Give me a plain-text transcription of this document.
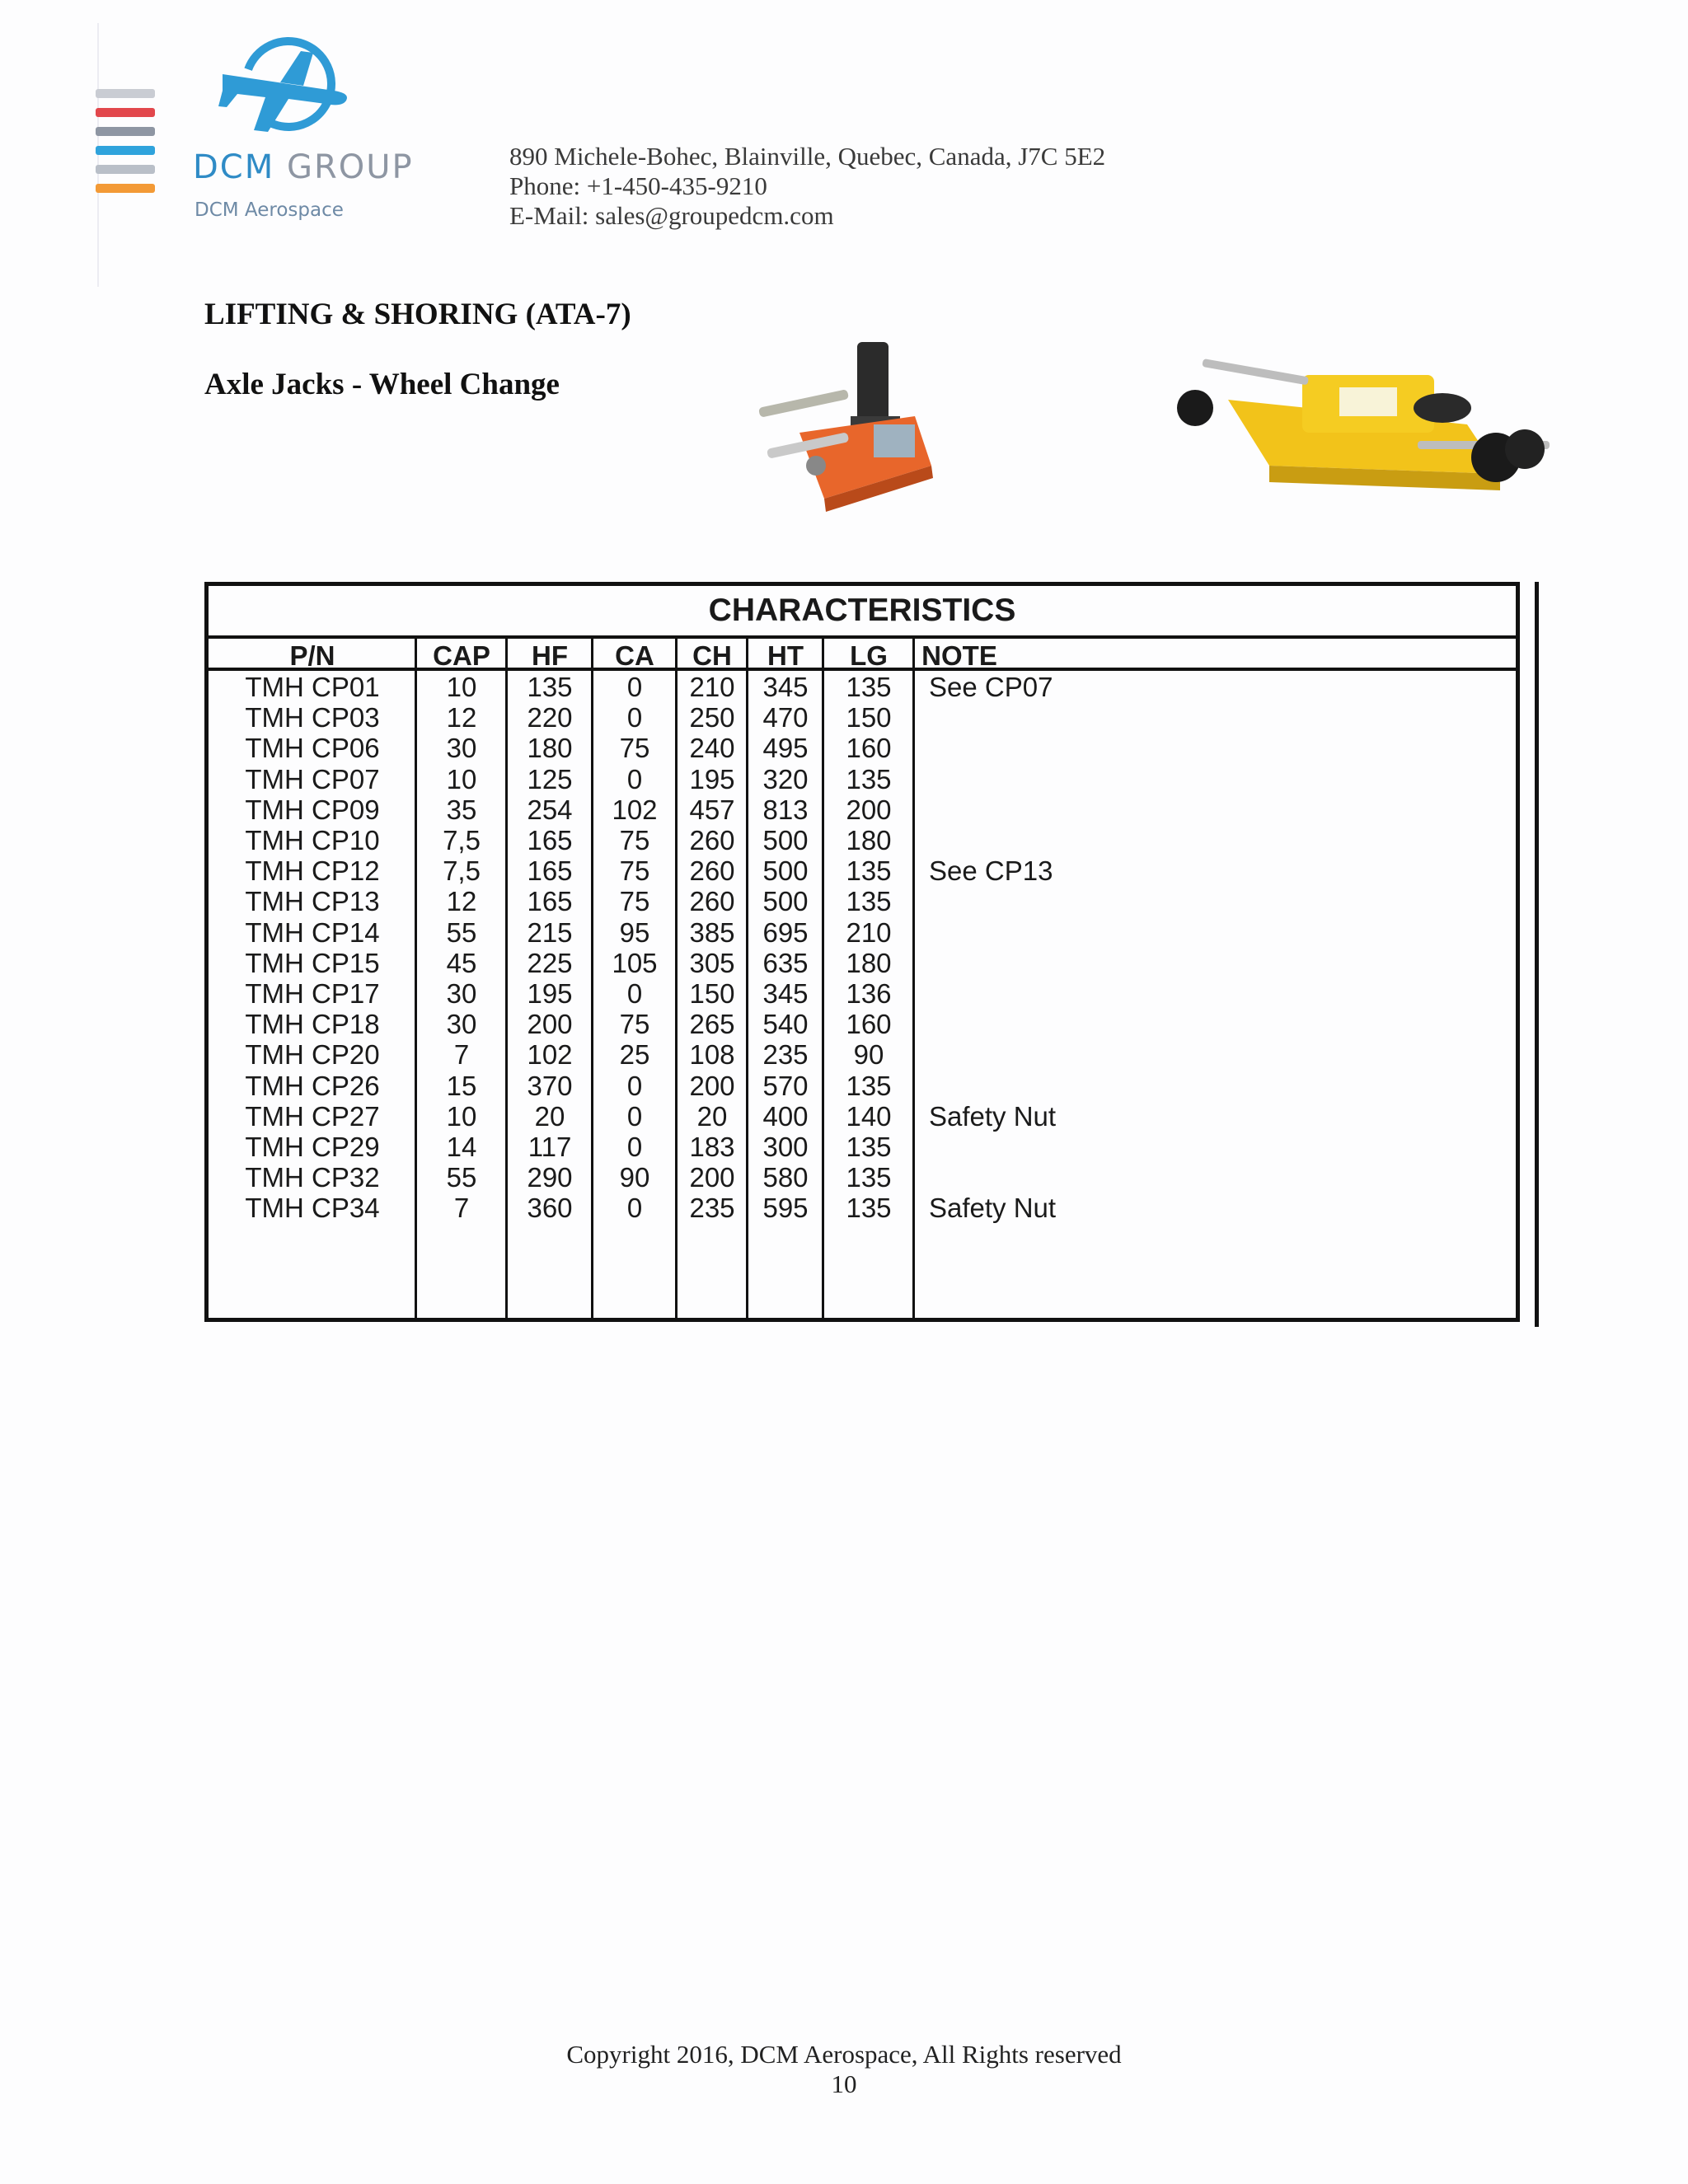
DCM GROUP
DCM Aerospace
890 Michele-Bohec, Blainville, Quebec, Canada, J7C 5E2
Phone: +1-450-435-9210
E-Mail: sales@groupedcm.com
LIFTING & SHORING (ATA-7)
Axle Jacks - Wheel Change
CHARACTERISTICS
P/N	CAP	HF	CA	CH	HT	LG	NOTE
TMH CP01	10	135	0	210	345	135	See CP07
TMH CP03	12	220	0	250	470	150
TMH CP06	30	180	75	240	495	160
TMH CP07	10	125	0	195	320	135
TMH CP09	35	254	102	457	813	200
TMH CP10	7,5	165	75	260	500	180
TMH CP12	7,5	165	75	260	500	135	See CP13
TMH CP13	12	165	75	260	500	135
TMH CP14	55	215	95	385	695	210
TMH CP15	45	225	105	305	635	180
TMH CP17	30	195	0	150	345	136
TMH CP18	30	200	75	265	540	160
TMH CP20	7	102	25	108	235	90
TMH CP26	15	370	0	200	570	135
TMH CP27	10	20	0	20	400	140	Safety Nut
TMH CP29	14	117	0	183	300	135
TMH CP32	55	290	90	200	580	135
TMH CP34	7	360	0	235	595	135	Safety Nut
Copyright 2016, DCM Aerospace, All Rights reserved
10
